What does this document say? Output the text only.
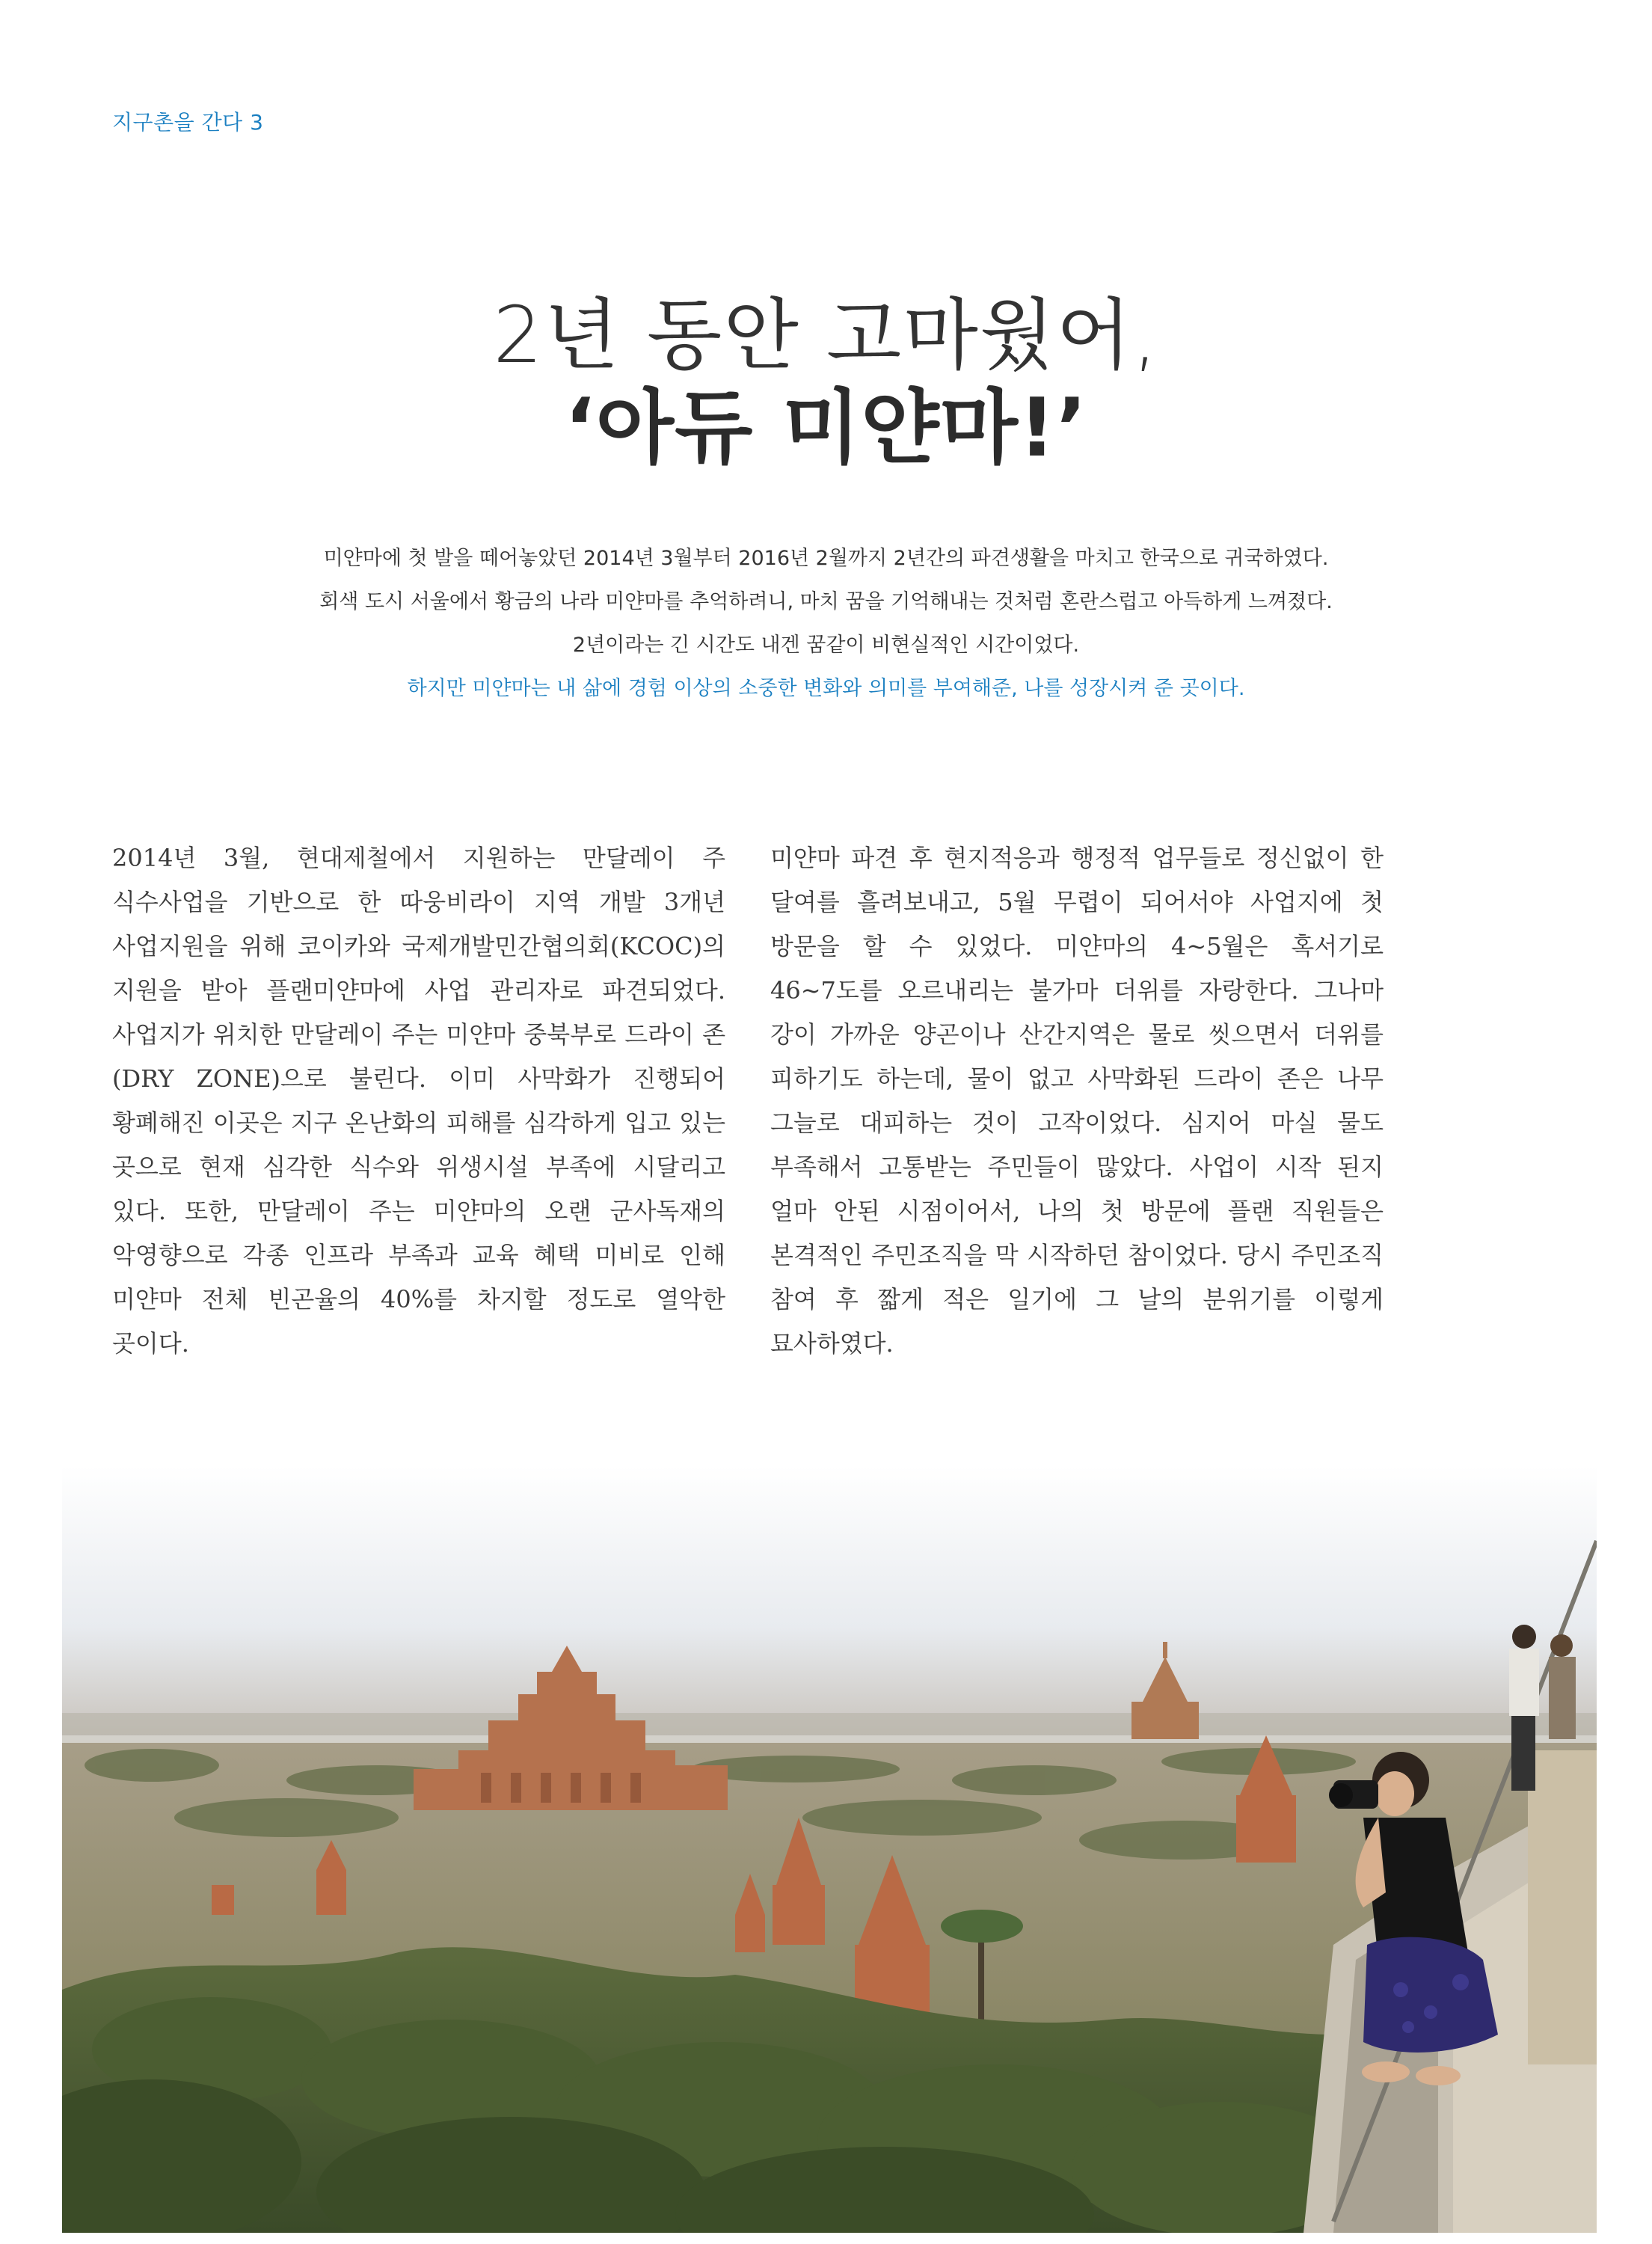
지구촌을 간다 3
2년 동안 고마웠어,
‘아듀 미얀마!’
미얀마에 첫 발을 떼어놓았던 2014년 3월부터 2016년 2월까지 2년간의 파견생활을 마치고 한국으로 귀국하였다.
회색 도시 서울에서 황금의 나라 미얀마를 추억하려니, 마치 꿈을 기억해내는 것처럼 혼란스럽고 아득하게 느껴졌다.
2년이라는 긴 시간도 내겐 꿈같이 비현실적인 시간이었다.
하지만 미얀마는 내 삶에 경험 이상의 소중한 변화와 의미를 부여해준, 나를 성장시켜 준 곳이다.
2014년 3월, 현대제철에서 지원하는 만달레이 주 식수사업을 기반으로 한 따웅비라이 지역 개발 3개년 사업지원을 위해 코이카와 국제개발민간협의회(KCOC)의 지원을 받아 플랜미얀마에 사업 관리자로 파견되었다. 사업지가 위치한 만달레이 주는 미얀마 중북부로 드라이 존(DRY ZONE)으로 불린다. 이미 사막화가 진행되어 황폐해진 이곳은 지구 온난화의 피해를 심각하게 입고 있는 곳으로 현재 심각한 식수와 위생시설 부족에 시달리고 있다. 또한, 만달레이 주는 미얀마의 오랜 군사독재의 악영향으로 각종 인프라 부족과 교육 혜택 미비로 인해 미얀마 전체 빈곤율의 40%를 차지할 정도로 열악한 곳이다.
미얀마 파견 후 현지적응과 행정적 업무들로 정신없이 한 달여를 흘려보내고, 5월 무렵이 되어서야 사업지에 첫 방문을 할 수 있었다. 미얀마의 4~5월은 혹서기로 46~7도를 오르내리는 불가마 더위를 자랑한다. 그나마 강이 가까운 양곤이나 산간지역은 물로 씻으면서 더위를 피하기도 하는데, 물이 없고 사막화된 드라이 존은 나무 그늘로 대피하는 것이 고작이었다. 심지어 마실 물도 부족해서 고통받는 주민들이 많았다. 사업이 시작 된지 얼마 안된 시점이어서, 나의 첫 방문에 플랜 직원들은 본격적인 주민조직을 막 시작하던 참이었다. 당시 주민조직 참여 후 짧게 적은 일기에 그 날의 분위기를 이렇게 묘사하였다.
